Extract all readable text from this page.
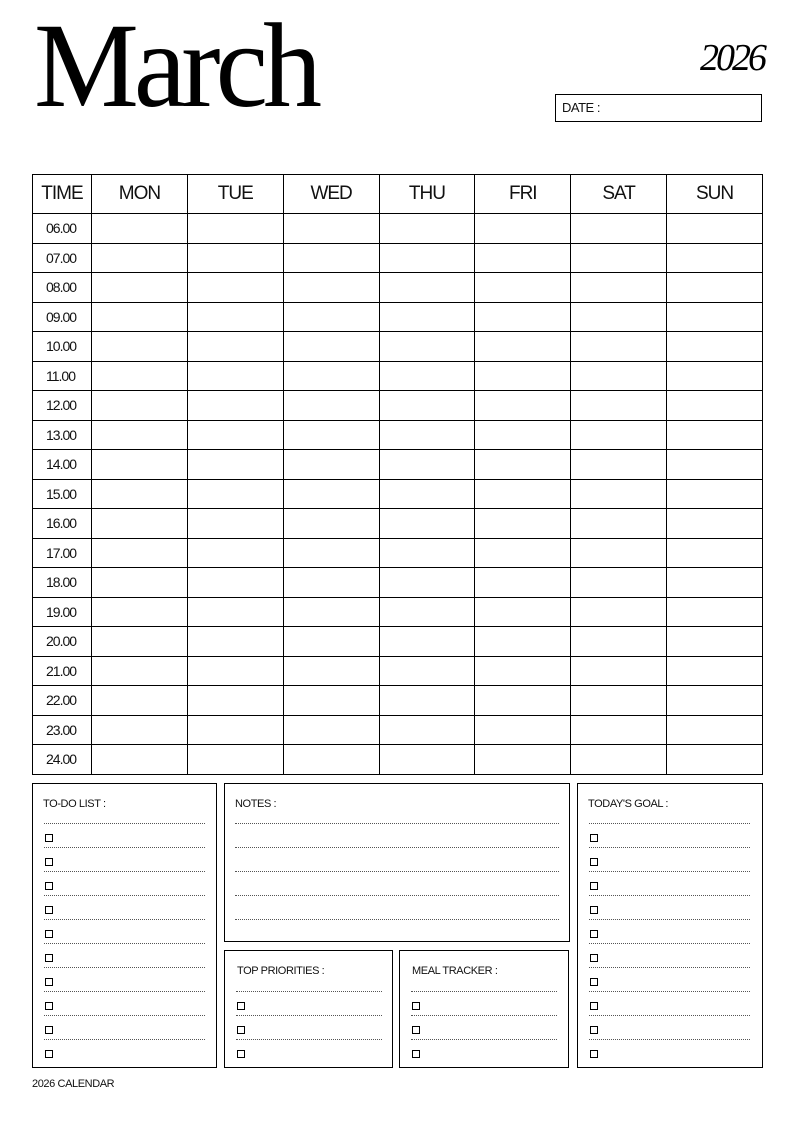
March	2026
DATE :
TIME	MON	TUE	WED	THU	FRI	SAT	SUN
06.00							
07.00							
08.00							
09.00							
10.00							
11.00							
12.00							
13.00							
14.00							
15.00							
16.00							
17.00							
18.00							
19.00							
20.00							
21.00							
22.00							
23.00							
24.00							
TO-DO LIST :	NOTES :	TODAY'S GOAL :
TOP PRIORITIES :	MEAL TRACKER :
2026 CALENDAR
